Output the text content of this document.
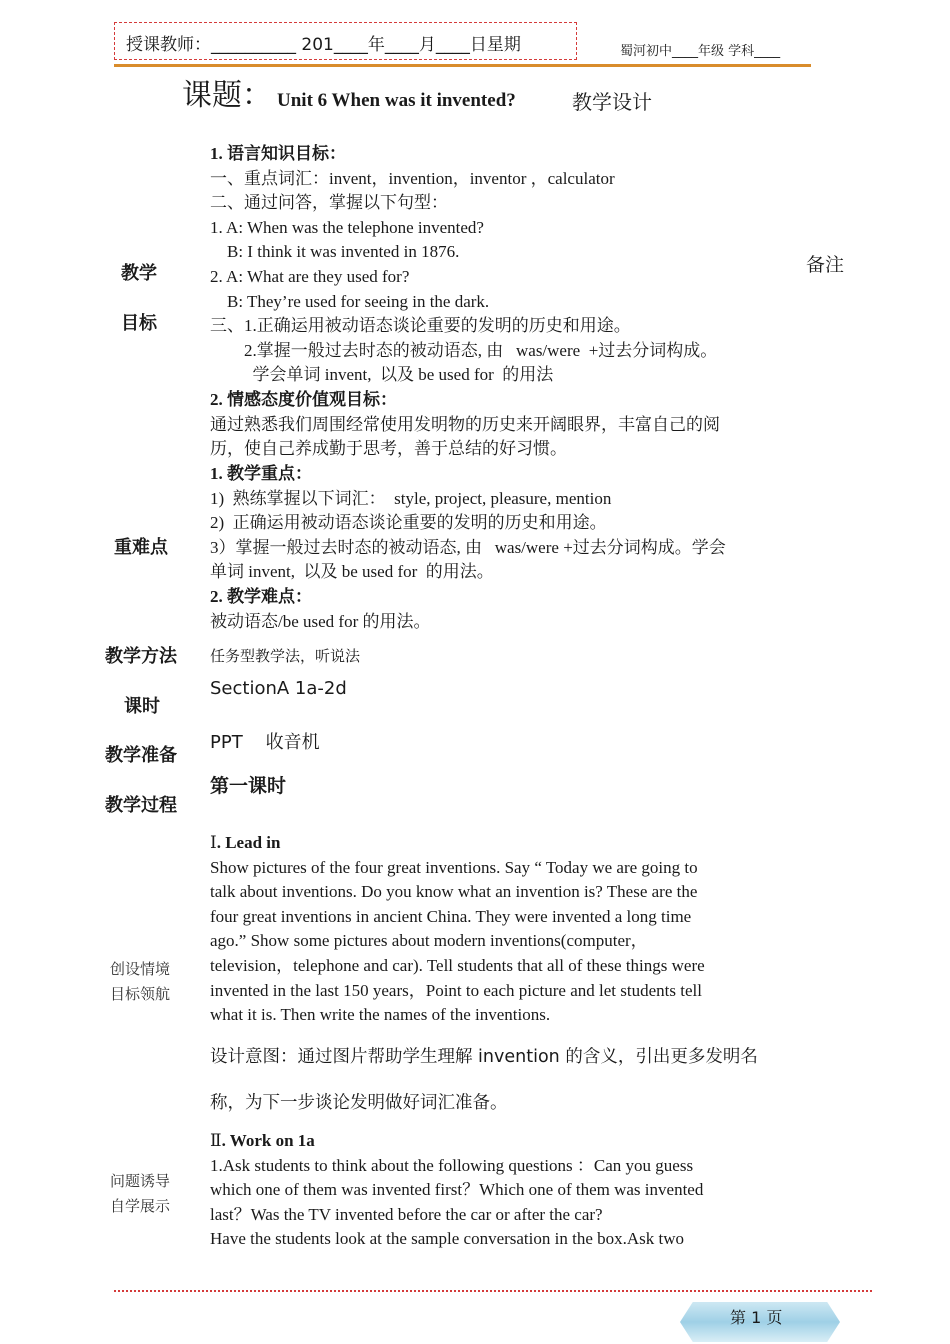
授课教师：__________ 201____年____月____日星期	蜀河初中____年级 学科____
课题： Unit 6 When was it invented?	教学设计
备注
教学
目标
重难点
教学方法
课时
教学准备
教学过程
创设情境
目标领航
问题诱导
自学展示
1. 语言知识目标：
一、重点词汇：invent，invention，inventor ，calculator
二、通过问答，掌握以下句型：
1. A: When was the telephone invented?
B: I think it was invented in 1876.
2. A: What are they used for?
B: They’re used for seeing in the dark.
三、1.正确运用被动语态谈论重要的发明的历史和用途。
2.掌握一般过去时态的被动语态, 由   was/were  +过去分词构成。
学会单词 invent,  以及 be used for  的用法
2. 情感态度价值观目标：
通过熟悉我们周围经常使用发明物的历史来开阔眼界，丰富自己的阅
历，使自己养成勤于思考，善于总结的好习惯。
1. 教学重点：
1)  熟练掌握以下词汇：  style, project, pleasure, mention
2)  正确运用被动语态谈论重要的发明的历史和用途。
3）掌握一般过去时态的被动语态, 由   was/were +过去分词构成。学会
单词 invent,  以及 be used for  的用法。
2. 教学难点：
被动语态/be used for 的用法。
任务型教学法，听说法
SectionA 1a-2d
PPT    收音机
第一课时
Ⅰ. Lead in
Show pictures of the four great inventions. Say “ Today we are going to
talk about inventions. Do you know what an invention is? These are the
four great inventions in ancient China. They were invented a long time
ago.” Show some pictures about modern inventions(computer，
television，telephone and car). Tell students that all of these things were
invented in the last 150 years，Point to each picture and let students tell
what it is. Then write the names of the inventions.
设计意图：通过图片帮助学生理解 invention 的含义，引出更多发明名
称，为下一步谈论发明做好词汇准备。
Ⅱ. Work on 1a
1.Ask students to think about the following questions ：Can you guess
which one of them was invented first？Which one of them was invented
last？Was the TV invented before the car or after the car?
Have the students look at the sample conversation in the box.Ask two
第 1 页
